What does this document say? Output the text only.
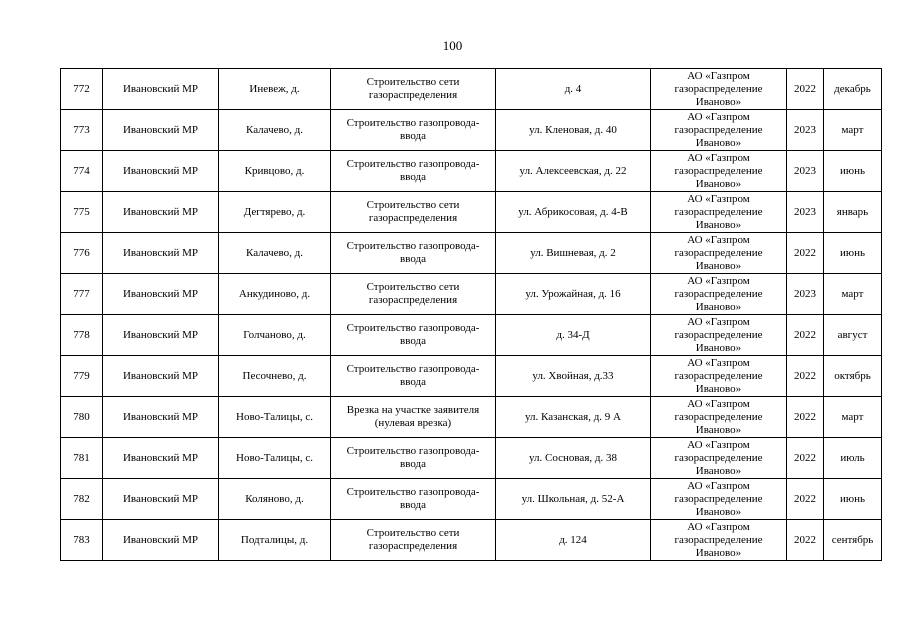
100
772	Ивановский МР	Иневеж, д.	Строительство сети
газораспределения	д. 4	АО «Газпром
газораспределение
Иваново»	2022	декабрь
773	Ивановский МР	Калачево, д.	Строительство газопровода-
ввода	ул. Кленовая, д. 40	АО «Газпром
газораспределение
Иваново»	2023	март
774	Ивановский МР	Кривцово, д.	Строительство газопровода-
ввода	ул. Алексеевская, д. 22	АО «Газпром
газораспределение
Иваново»	2023	июнь
775	Ивановский МР	Дегтярево, д.	Строительство сети
газораспределения	ул. Абрикосовая, д. 4-В	АО «Газпром
газораспределение
Иваново»	2023	январь
776	Ивановский МР	Калачево, д.	Строительство газопровода-
ввода	ул. Вишневая, д. 2	АО «Газпром
газораспределение
Иваново»	2022	июнь
777	Ивановский МР	Анкудиново, д.	Строительство сети
газораспределения	ул. Урожайная, д. 16	АО «Газпром
газораспределение
Иваново»	2023	март
778	Ивановский МР	Голчаново, д.	Строительство газопровода-
ввода	д. 34-Д	АО «Газпром
газораспределение
Иваново»	2022	август
779	Ивановский МР	Песочнево, д.	Строительство газопровода-
ввода	ул. Хвойная, д.33	АО «Газпром
газораспределение
Иваново»	2022	октябрь
780	Ивановский МР	Ново-Талицы, с.	Врезка на участке заявителя
(нулевая врезка)	ул. Казанская, д. 9 А	АО «Газпром
газораспределение
Иваново»	2022	март
781	Ивановский МР	Ново-Талицы, с.	Строительство газопровода-
ввода	ул. Сосновая, д. 38	АО «Газпром
газораспределение
Иваново»	2022	июль
782	Ивановский МР	Коляново, д.	Строительство газопровода-
ввода	ул. Школьная, д. 52-А	АО «Газпром
газораспределение
Иваново»	2022	июнь
783	Ивановский МР	Подталицы, д.	Строительство сети
газораспределения	д. 124	АО «Газпром
газораспределение
Иваново»	2022	сентябрь
